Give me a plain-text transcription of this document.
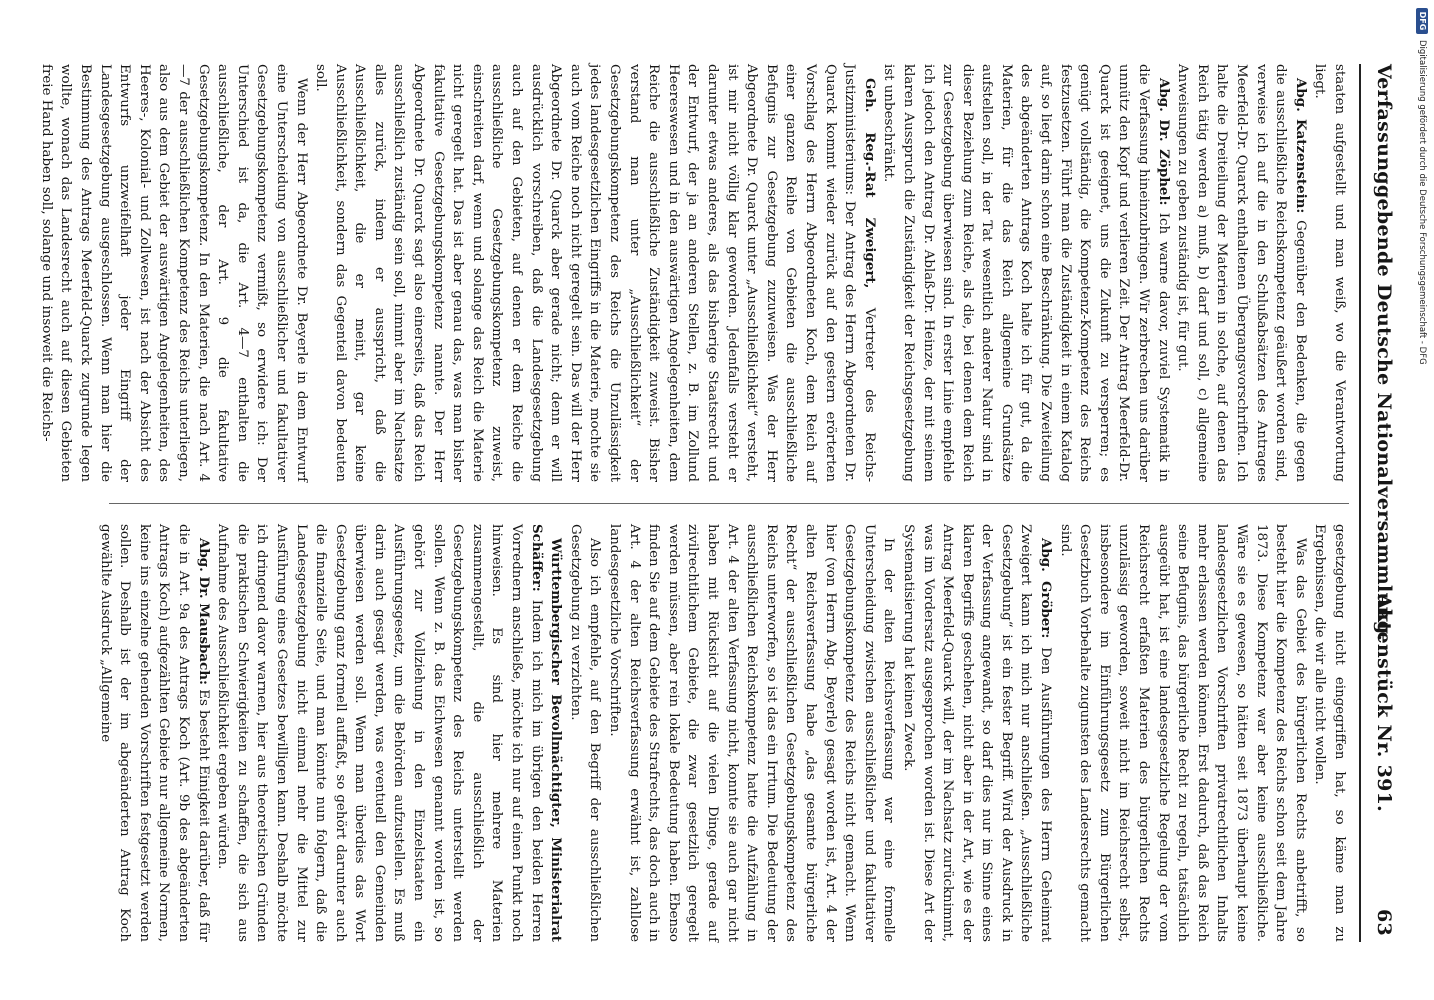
DFG
Digitalisierung gefördert durch die Deutsche Forschungsgemeinschaft - DFG
Verfassunggebende Deutsche Nationalversammlung.
Aktenstück Nr. 391.
63

staaten aufgestellt und man weiß, wo die Verantwortung liegt.

Abg. Katzenstein: Gegenüber den Bedenken, die gegen die ausschließliche Reichskompetenz geäußert worden sind, verweise ich auf die in den Schlußabsätzen des Antrages Meerfeld-Dr. Quarck enthaltenen Übergangsvorschriften. Ich halte die Dreiteilung der Materien in solche, auf denen das Reich tätig werden a) muß, b) darf und soll, c) allgemeine Anweisungen zu geben zuständig ist, für gut.

Abg. Dr. Zöphel: Ich warne davor, zuviel Systematik in die Verfassung hineinzubringen. Wir zerbrechen uns darüber unnütz den Kopf und verlieren Zeit. Der Antrag Meerfeld-Dr. Quarck ist geeignet, uns die Zukunft zu versperren; es genügt vollständig, die Kompetenz-Kompetenz des Reichs festzusetzen. Führt man die Zuständigkeit in einem Katalog auf, so liegt darin schon eine Beschränkung. Die Zweiteilung des abgeänderten Antrags Koch halte ich für gut, da die Materien, für die das Reich allgemeine Grundsätze aufstellen soll, in der Tat wesentlich anderer Natur sind in dieser Beziehung zum Reiche, als die, bei denen dem Reich zur Gesetzgebung überwiesen sind. In erster Linie empfehle ich jedoch den Antrag Dr. Ablaß-Dr. Heinze, der mit seinem klaren Ausspruch die Zuständigkeit der Reichsgesetzgebung ist unbeschränkt.

Geh. Reg.-Rat Zweigert, Vertreter des Reichs-Justizministeriums: Der Antrag des Herrn Abgeordneten Dr. Quarck kommt wieder zurück auf den gestern erörterten Vorschlag des Herrn Abgeordneten Koch, dem Reich auf einer ganzen Reihe von Gebieten die ausschließliche Befugnis zur Gesetzgebung zuzuweisen. Was der Herr Abgeordnete Dr. Quarck unter „Ausschließlichkeit“ versteht, ist mir nicht völlig klar geworden. Jedenfalls versteht er darunter etwas anderes, als das bisherige Staatsrecht und der Entwurf, der ja an anderen Stellen, z. B. im Zollund Heereswesen und in den auswärtigen Angelegenheiten, dem Reiche die ausschließliche Zuständigkeit zuweist. Bisher verstand man unter „Ausschließlichkeit“ der Gesetzgebungskompetenz des Reichs die Unzulässigkeit jedes landesgesetzlichen Eingriffs in die Materie, mochte sie auch vom Reiche noch nicht geregelt sein. Das will der Herr Abgeordnete Dr. Quarck aber gerade nicht; denn er will ausdrücklich vorschreiben, daß die Landesgesetzgebung auch auf den Gebieten, auf denen er dem Reiche die ausschließliche Gesetzgebungskompetenz zuweist, einschreiten darf, wenn und solange das Reich die Materie nicht geregelt hat. Das ist aber genau das, was man bisher fakultative Gesetzgebungskompetenz nannte. Der Herr Abgeordnete Dr. Quarck sagt also einerseits, daß das Reich ausschließlich zuständig sein soll, nimmt aber im Nachsatze alles zurück, indem er ausspricht, daß die Ausschließlichkeit, die er meint, gar keine Ausschließlichkeit, sondern das Gegenteil davon bedeuten soll.

Wenn der Herr Abgeordnete Dr. Beyerle in dem Entwurf eine Unterscheidung von ausschließlicher und fakultativer Gesetzgebungskompetenz vermißt, so erwidere ich: Der Unterschied ist da, die Art. 4—7 enthalten die ausschließliche, der Art. 9 die fakultative Gesetzgebungskompetenz. In den Materien, die nach Art. 4—7 der ausschließlichen Kompetenz des Reichs unterliegen, also aus dem Gebiet der auswärtigen Angelegenheiten, des Heeres-, Kolonial- und Zollwesen, ist nach der Absicht des Entwurfs unzweifelhaft jeder Eingriff der Landesgesetzgebung ausgeschlossen. Wenn man hier die Bestimmung des Antrags Meerfeld-Quarck zugrunde legen wollte, wonach das Landesrecht auch auf diesen Gebieten freie Hand haben soll, solange und insoweit die Reichs-

gesetzgebung nicht eingegriffen hat, so käme man zu Ergebnissen, die wir alle nicht wollen.

Was das Gebiet des bürgerlichen Rechts anbetrifft, so besteht hier die Kompetenz des Reichs schon seit dem Jahre 1873. Diese Kompetenz war aber keine ausschließliche. Wäre sie es gewesen, so hätten seit 1873 überhaupt keine landesgesetzlichen Vorschriften privatrechtlichen Inhalts mehr erlassen werden können. Erst dadurch, daß das Reich seine Befugnis, das bürgerliche Recht zu regeln, tatsächlich ausgeübt hat, ist eine landesgesetzliche Regelung der vom Reichsrecht erfaßten Materien des bürgerlichen Rechts unzulässig geworden, soweit nicht im Reichsrecht selbst, insbesondere im Einführungsgesetz zum Bürgerlichen Gesetzbuch Vorbehalte zugunsten des Landesrechts gemacht sind.

Abg. Gröber: Den Ausführungen des Herrn Geheimrat Zweigert kann ich mich nur anschließen. „Ausschließliche Gesetzgebung“ ist ein fester Begriff. Wird der Ausdruck in der Verfassung angewandt, so darf dies nur im Sinne eines klaren Begriffs geschehen, nicht aber in der Art, wie es der Antrag Meerfeld-Quarck will, der im Nachsatz zurücknimmt, was im Vordersatz ausgesprochen worden ist. Diese Art der Systematisierung hat keinen Zweck.

In der alten Reichsverfassung war eine formelle Unterscheidung zwischen ausschließlicher und fakultativer Gesetzgebungskompetenz des Reichs nicht gemacht. Wenn hier (von Herrn Abg. Beyerle) gesagt worden ist, Art. 4 der alten Reichsverfassung habe „das gesamte bürgerliche Recht“ der ausschließlichen Gesetzgebungskompetenz des Reichs unterworfen, so ist das ein Irrtum. Die Bedeutung der ausschließlichen Reichskompetenz hatte die Aufzählung in Art. 4 der alten Verfassung nicht, konnte sie auch gar nicht haben mit Rücksicht auf die vielen Dinge, gerade auf zivilrechtlichem Gebiete, die zwar gesetzlich geregelt werden müssen, aber rein lokale Bedeutung haben. Ebenso finden Sie auf dem Gebiete des Strafrechts, das doch auch in Art. 4 der alten Reichsverfassung erwähnt ist, zahllose landesgesetzliche Vorschriften.

Also ich empfehle, auf den Begriff der ausschließlichen Gesetzgebung zu verzichten.

Württembergischer Bevollmächtigter, Ministerialrat Schäffer: Indem ich mich im übrigen den beiden Herren Vorrednern anschließe, möchte ich nur auf einen Punkt noch hinweisen. Es sind hier mehrere Materien zusammengestellt, die ausschließlich der Gesetzgebungskompetenz des Reichs unterstellt werden sollen. Wenn z. B. das Eichwesen genannt worden ist, so gehört zur Vollziehung in den Einzelstaaten ein Ausführungsgesetz, um die Behörden aufzustellen. Es muß darin auch gesagt werden, was eventuell den Gemeinden überwiesen werden soll. Wenn man überdies das Wort Gesetzgebung ganz formell auffaßt, so gehört darunter auch die finanzielle Seite, und man könnte nun folgern, daß die Landesgesetzgebung nicht einmal mehr die Mittel zur Ausführung eines Gesetzes bewilligen kann. Deshalb möchte ich dringend davor warnen, hier aus theoretischen Gründen die praktischen Schwierigkeiten zu schaffen, die sich aus Aufnahme des Ausschließlichkeit ergeben würden.

Abg. Dr. Mausbach: Es besteht Einigkeit darüber, daß für die in Art. 9a des Antrags Koch (Art. 9b des abgeänderten Antrags Koch) aufgezählten Gebiete nur allgemeine Normen, keine ins einzelne gehenden Vorschriften festgesetzt werden sollen. Deshalb ist der im abgeänderten Antrag Koch gewählte Ausdruck „Allgemeine
